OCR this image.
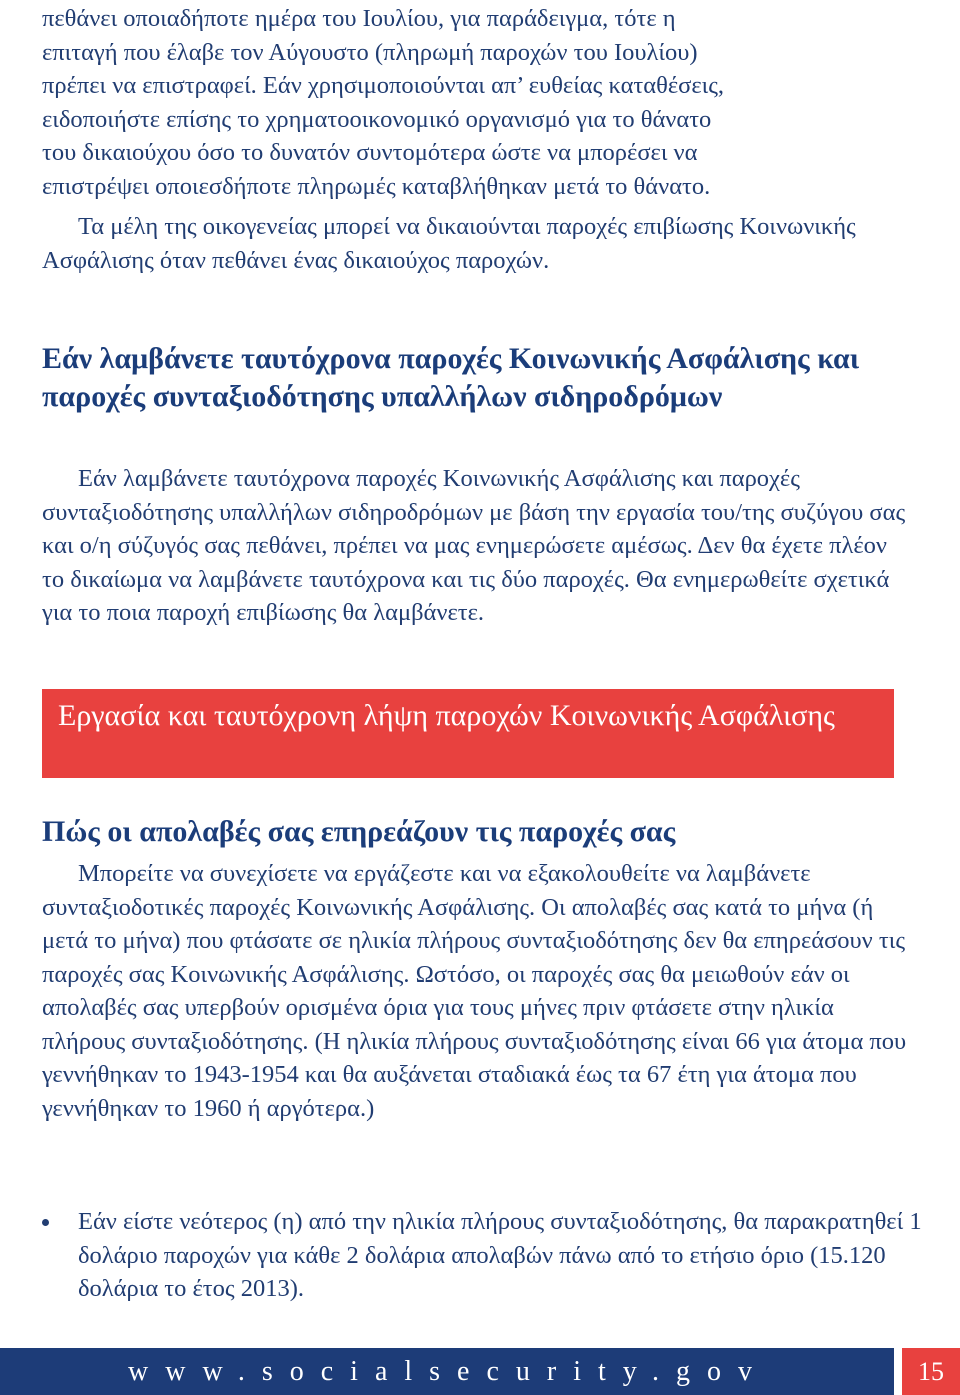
πεθάνει οποιαδήποτε ημέρα του Ιουλίου, για παράδειγμα, τότε η
επιταγή που έλαβε τον Αύγουστο (πληρωμή παροχών του Ιουλίου)
πρέπει να επιστραφεί. Εάν χρησιμοποιούνται απ’ ευθείας καταθέσεις,
ειδοποιήστε επίσης το χρηματοοικονομικό οργανισμό για το θάνατο
του δικαιούχου όσο το δυνατόν συντομότερα ώστε να μπορέσει να
επιστρέψει οποιεσδήποτε πληρωμές καταβλήθηκαν μετά το θάνατο.

Τα μέλη της οικογενείας μπορεί να δικαιούνται παροχές επιβίωσης Κοινωνικής Ασφάλισης όταν πεθάνει ένας δικαιούχος παροχών.

Εάν λαμβάνετε ταυτόχρονα παροχές Κοινωνικής Ασφάλισης και παροχές συνταξιοδότησης υπαλλήλων σιδηροδρόμων

Εάν λαμβάνετε ταυτόχρονα παροχές Κοινωνικής Ασφάλισης και παροχές συνταξιοδότησης υπαλλήλων σιδηροδρόμων με βάση την εργασία του/της συζύγου σας και ο/η σύζυγός σας πεθάνει, πρέπει να μας ενημερώσετε αμέσως. Δεν θα έχετε πλέον το δικαίωμα να λαμβάνετε ταυτόχρονα και τις δύο παροχές. Θα ενημερωθείτε σχετικά για το ποια παροχή επιβίωσης θα λαμβάνετε.

Εργασία και ταυτόχρονη λήψη παροχών Κοινωνικής Ασφάλισης
Πώς οι απολαβές σας επηρεάζουν τις παροχές σας

Μπορείτε να συνεχίσετε να εργάζεστε και να εξακολουθείτε να λαμβάνετε συνταξιοδοτικές παροχές Κοινωνικής Ασφάλισης. Οι απολαβές σας κατά το μήνα (ή μετά το μήνα) που φτάσατε σε ηλικία πλήρους συνταξιοδότησης δεν θα επηρεάσουν τις παροχές σας Κοινωνικής Ασφάλισης. Ωστόσο, οι παροχές σας θα μειωθούν εάν οι απολαβές σας υπερβούν ορισμένα όρια για τους μήνες πριν φτάσετε στην ηλικία πλήρους συνταξιοδότησης. (Η ηλικία πλήρους συνταξιοδότησης είναι 66 για άτομα που γεννήθηκαν το 1943-1954 και θα αυξάνεται σταδιακά έως τα 67 έτη για άτομα που γεννήθηκαν το 1960 ή αργότερα.)

Εάν είστε νεότερος (η) από την ηλικία πλήρους συνταξιοδότησης, θα παρακρατηθεί 1 δολάριο παροχών για κάθε 2 δολάρια απολαβών πάνω από το ετήσιο όριο (15.120 δολάρια το έτος 2013).

www.socialsecurity.gov	15
